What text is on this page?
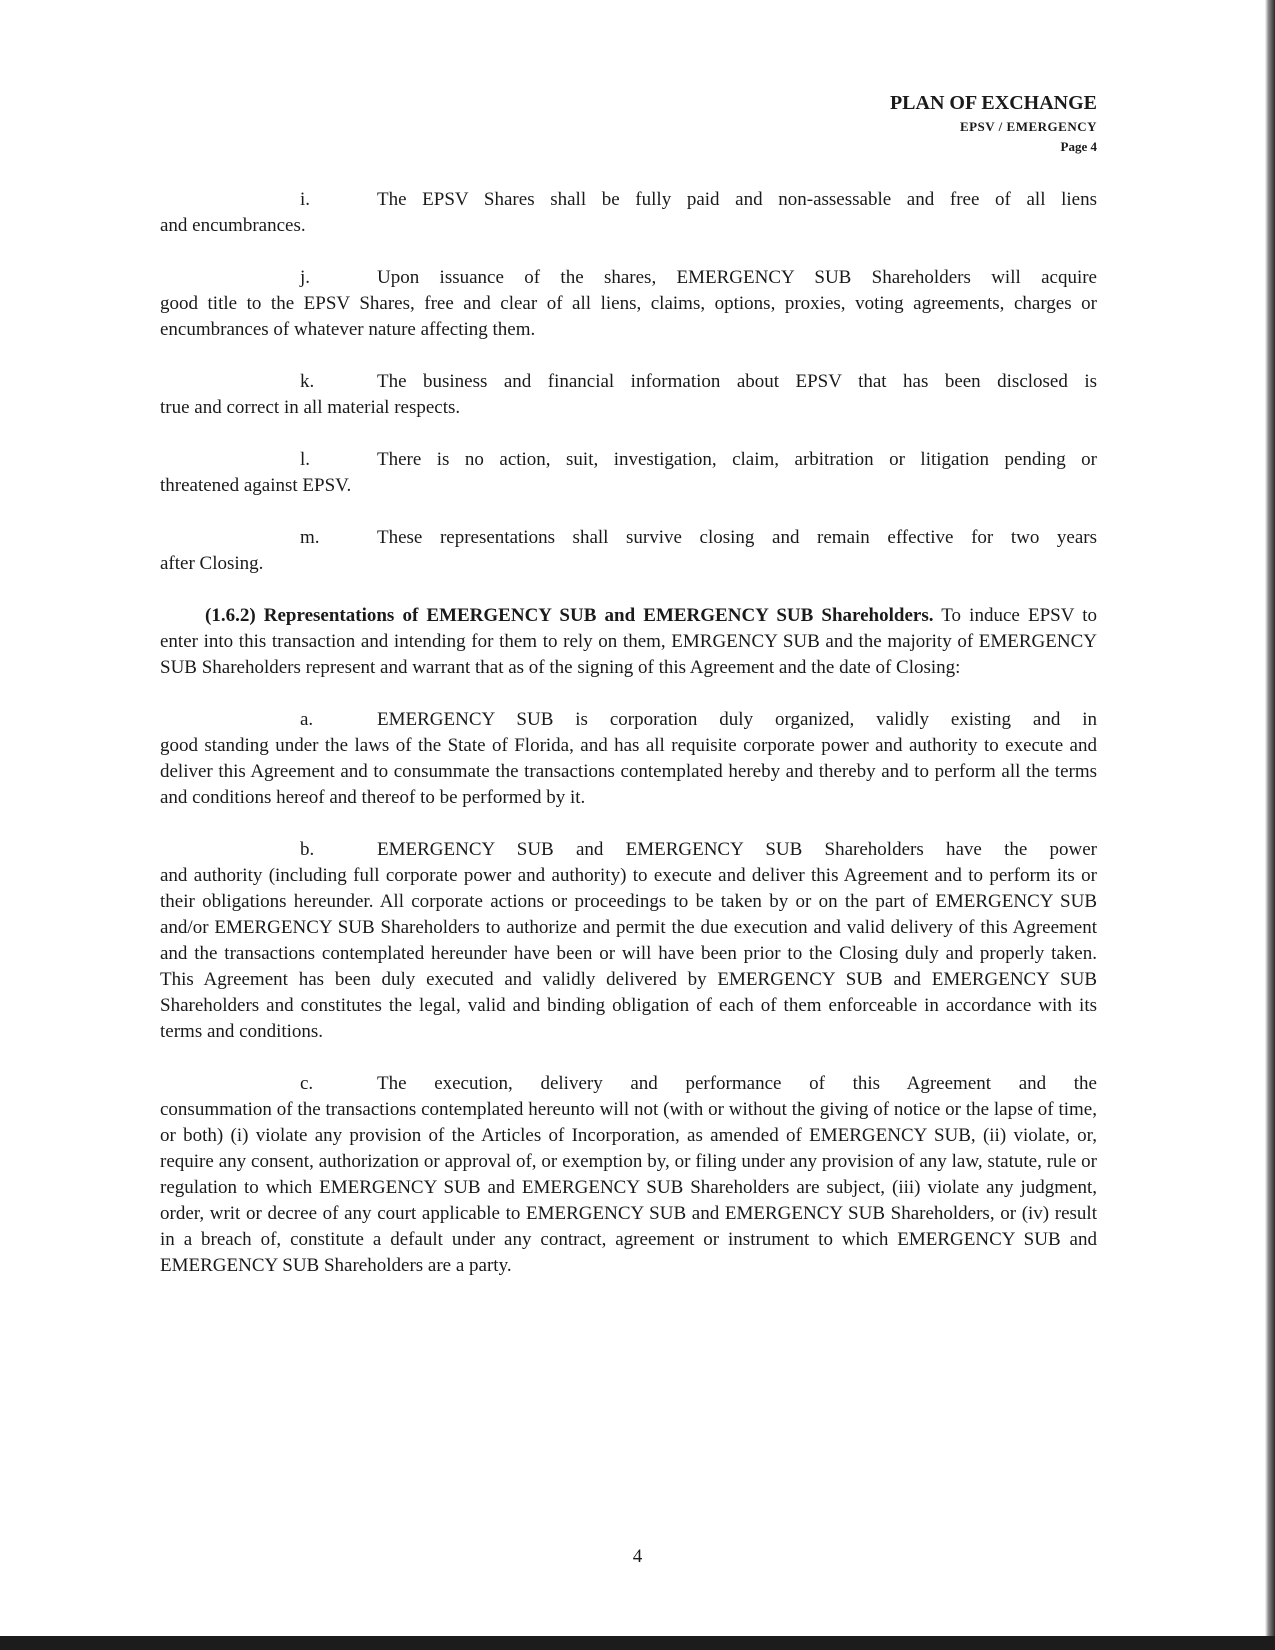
PLAN OF EXCHANGE
EPSV / EMERGENCY
Page 4
i.	The EPSV Shares shall be fully paid and non-assessable and free of all liens
and encumbrances.
j.	Upon issuance of the shares, EMERGENCY SUB Shareholders will acquire
good title to the EPSV Shares, free and clear of all liens, claims, options, proxies, voting agreements, charges or encumbrances of whatever nature affecting them.
k.	The business and financial information about EPSV that has been disclosed is
true and correct in all material respects.
l.	There is no action, suit, investigation, claim, arbitration or litigation pending or
threatened against EPSV.
m.	These representations shall survive closing and remain effective for two years
after Closing.
(1.6.2) Representations of EMERGENCY SUB and EMERGENCY SUB Shareholders. To induce EPSV to enter into this transaction and intending for them to rely on them, EMRGENCY SUB and the majority of EMERGENCY SUB Shareholders represent and warrant that as of the signing of this Agreement and the date of Closing:
a.	EMERGENCY SUB is corporation duly organized, validly existing and in
good standing under the laws of the State of Florida, and has all requisite corporate power and authority to execute and deliver this Agreement and to consummate the transactions contemplated hereby and thereby and to perform all the terms and conditions hereof and thereof to be performed by it.
b.	EMERGENCY SUB and EMERGENCY SUB Shareholders have the power
and authority (including full corporate power and authority) to execute and deliver this Agreement and to perform its or their obligations hereunder. All corporate actions or proceedings to be taken by or on the part of EMERGENCY SUB and/or EMERGENCY SUB Shareholders to authorize and permit the due execution and valid delivery of this Agreement and the transactions contemplated hereunder have been or will have been prior to the Closing duly and properly taken. This Agreement has been duly executed and validly delivered by EMERGENCY SUB and EMERGENCY SUB Shareholders and constitutes the legal, valid and binding obligation of each of them enforceable in accordance with its terms and conditions.
c.	The execution, delivery and performance of this Agreement and the
consummation of the transactions contemplated hereunto will not (with or without the giving of notice or the lapse of time, or both) (i) violate any provision of the Articles of Incorporation, as amended of EMERGENCY SUB, (ii) violate, or, require any consent, authorization or approval of, or exemption by, or filing under any provision of any law, statute, rule or regulation to which EMERGENCY SUB and EMERGENCY SUB Shareholders are subject, (iii) violate any judgment, order, writ or decree of any court applicable to EMERGENCY SUB and EMERGENCY SUB Shareholders, or (iv) result in a breach of, constitute a default under any contract, agreement or instrument to which EMERGENCY SUB and EMERGENCY SUB Shareholders are a party.
4
